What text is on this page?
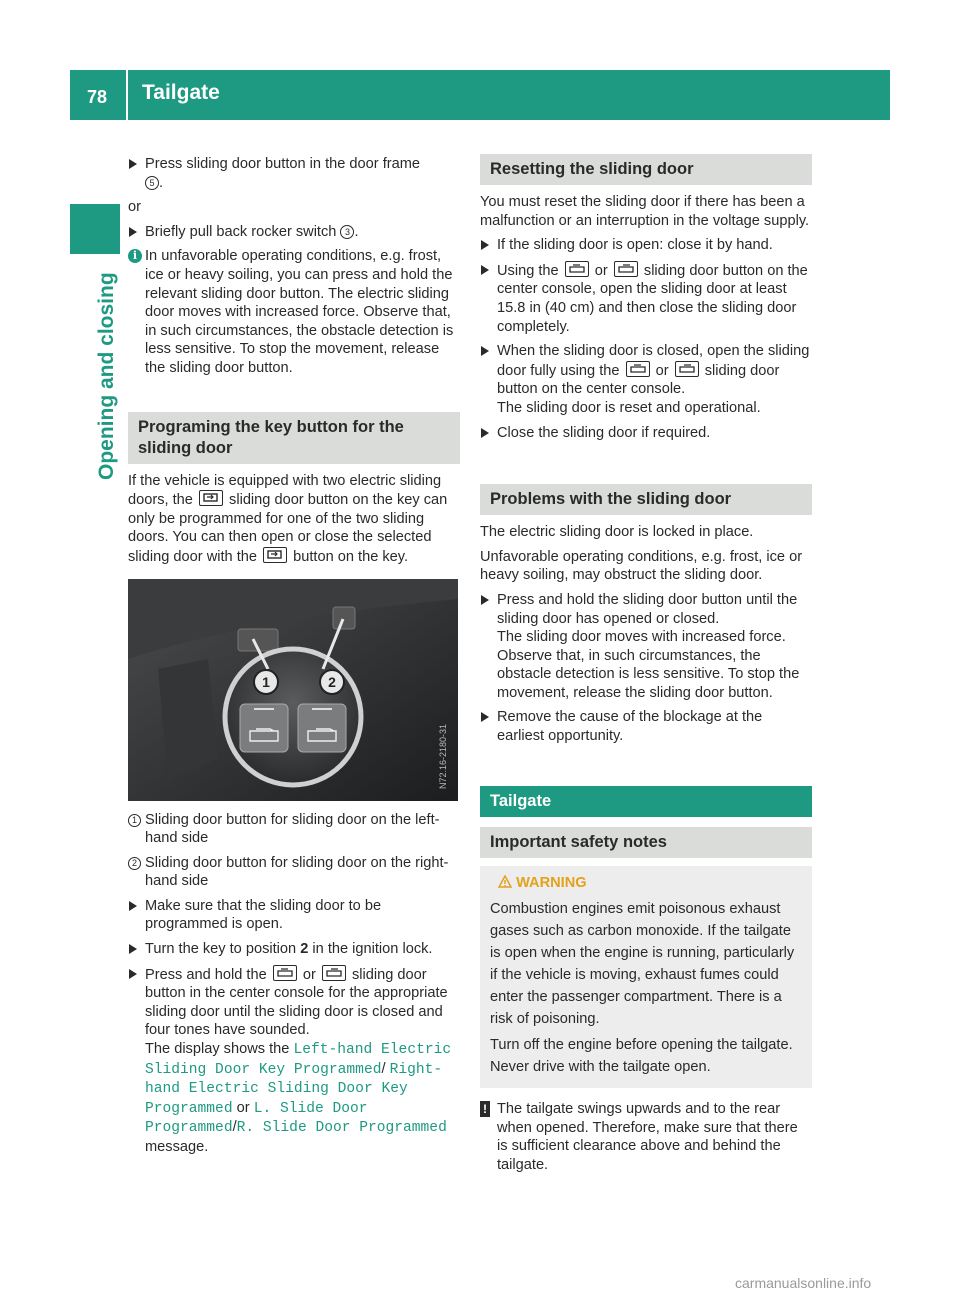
78	Tailgate
Opening and closing
Press sliding door button in the door frame
5 .
or
Briefly pull back rocker switch 3 .
i In unfavorable operating conditions, e.g. frost, ice or heavy soiling, you can press and hold the relevant sliding door button. The electric sliding door moves with increased force. Observe that, in such circumstances, the obstacle detection is less sensitive. To stop the movement, release the sliding door button.
Programing the key button for the sliding door
If the vehicle is equipped with two electric sliding doors, the sliding door button on the key can only be programmed for one of the two sliding doors. You can then open or close the selected sliding door with the button on the key.
1	2
N72.16-2180-31
1 Sliding door button for sliding door on the left-hand side
2 Sliding door button for sliding door on the right-hand side
Make sure that the sliding door to be programmed is open.
Turn the key to position 2 in the ignition lock.
Press and hold the or sliding door button in the center console for the appropriate sliding door until the sliding door is closed and four tones have sounded.
The display shows the Left-hand Electric Sliding Door Key Programmed/ Right-hand Electric Sliding Door Key Programmed or L. Slide Door Programmed/R. Slide Door Programmed message.
Resetting the sliding door
You must reset the sliding door if there has been a malfunction or an interruption in the voltage supply.
If the sliding door is open: close it by hand.
Using the or sliding door button on the center console, open the sliding door at least 15.8 in (40 cm) and then close the sliding door completely.
When the sliding door is closed, open the sliding door fully using the or sliding door button on the center console.
The sliding door is reset and operational.
Close the sliding door if required.
Problems with the sliding door
The electric sliding door is locked in place.
Unfavorable operating conditions, e.g. frost, ice or heavy soiling, may obstruct the sliding door.
Press and hold the sliding door button until the sliding door has opened or closed.
The sliding door moves with increased force. Observe that, in such circumstances, the obstacle detection is less sensitive. To stop the movement, release the sliding door button.
Remove the cause of the blockage at the earliest opportunity.
Tailgate
Important safety notes
WARNING

Combustion engines emit poisonous exhaust gases such as carbon monoxide. If the tailgate is open when the engine is running, particularly if the vehicle is moving, exhaust fumes could enter the passenger compartment. There is a risk of poisoning.

Turn off the engine before opening the tailgate. Never drive with the tailgate open.

! The tailgate swings upwards and to the rear when opened. Therefore, make sure that there is sufficient clearance above and behind the tailgate.
carmanualsonline.info
